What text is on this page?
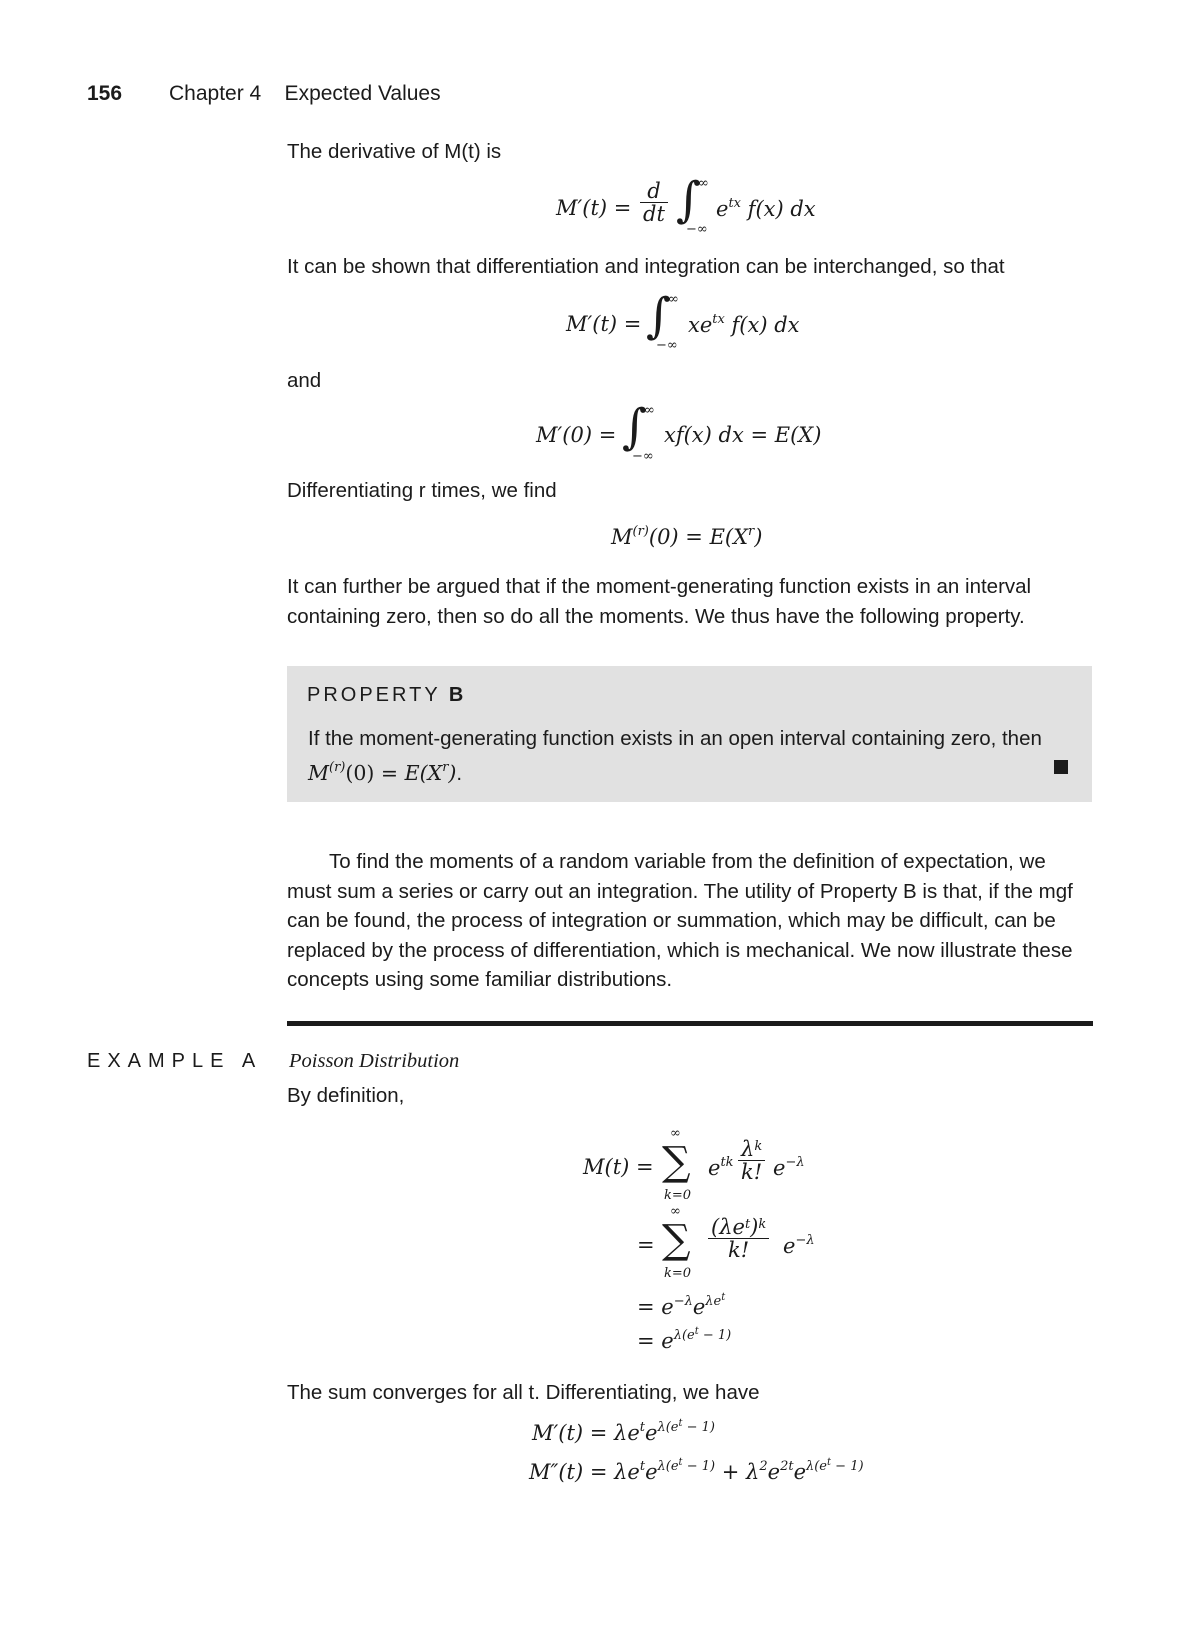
156 Chapter 4    Expected Values
The derivative of M(t) is
$M'(t) = \frac{d}{dt}$ ∫
∞
−∞
$e^{tx}$ f(x) dx
It can be shown that differentiation and integration can be interchanged, so that
M′(t) = ∫
∞
−∞
$xe^{tx}$ f(x) dx
and
M′(0) = ∫
∞
−∞
xf(x) dx = E(X)
Differentiating r times, we find
$M^{(r)}(0) = E(X^r)$
It can further be argued that if the moment-generating function exists in an interval containing zero, then so do all the moments. We thus have the following property.
PROPERTY B
If the moment-generating function exists in an open interval containing zero, then $M^{(r)}(0) = E(X^r)$.
To find the moments of a random variable from the definition of expectation, we must sum a series or carry out an integration. The utility of Property B is that, if the mgf can be found, the process of integration or summation, which may be difficult, can be replaced by the process of differentiation, which is mechanical. We now illustrate these concepts using some familiar distributions.
EXAMPLE A Poisson Distribution
By definition,
M(t) =
∞
∑
k=0
$e^{tk} \frac{\lambda^k}{k!} e^{-\lambda}$
=
∞
∑
k=0
$(\lambda e^t)^k$
k!	$e^{-\lambda}$
= $e^{-\lambda}e^{\lambda e^t}$
= $e^{\lambda(e^t - 1)}$
The sum converges for all t. Differentiating, we have
$M'(t) = \lambda e^te^{\lambda(e^t - 1)}$
$M''(t) = \lambda e^te^{\lambda(e^t - 1)} + \lambda^2e^{2t}e^{\lambda(e^t - 1)}$
